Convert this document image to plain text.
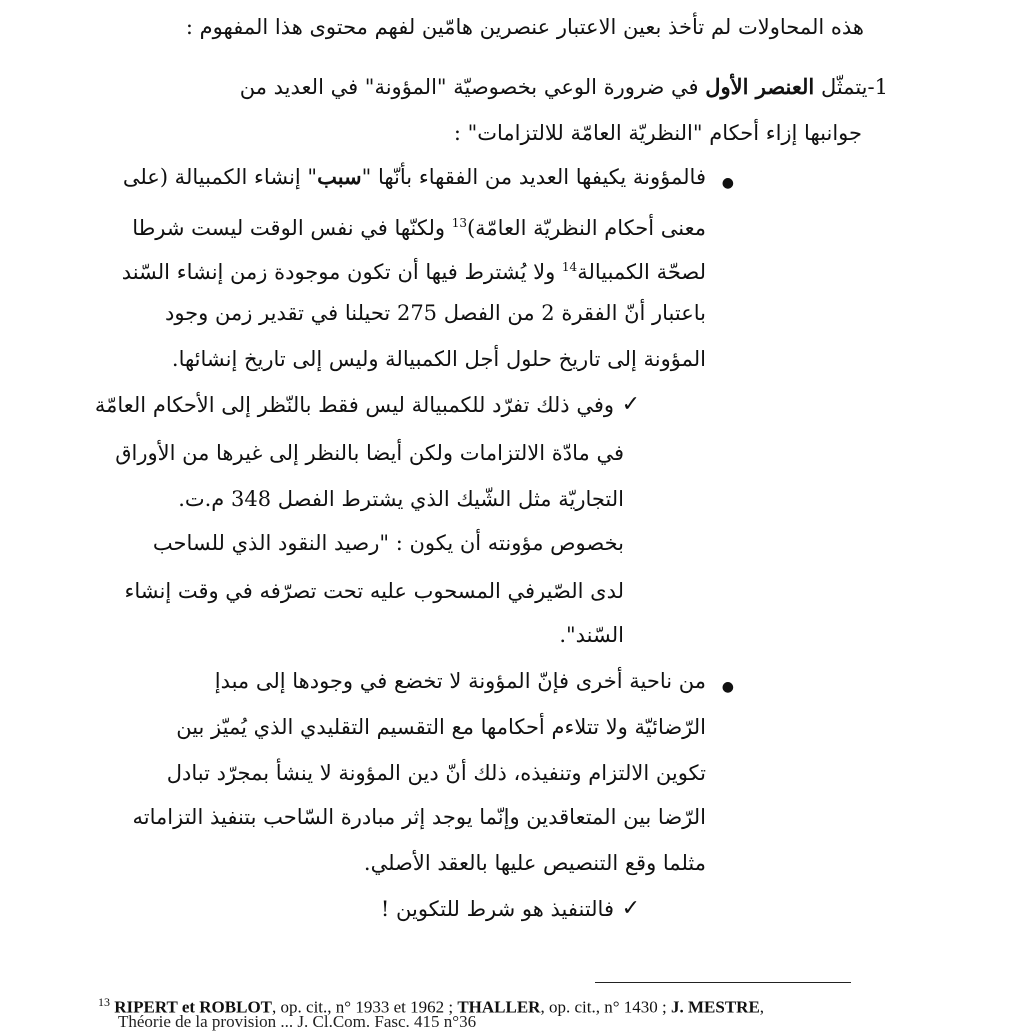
هذه المحاولات لم تأخذ بعين الاعتبار عنصرين هامّين لفهم محتوى هذا المفهوم :
1-يتمثّل العنصر الأول في ضرورة الوعي بخصوصيّة "المؤونة" في العديد من
جوانبها إزاء أحكام "النظريّة العامّة للالتزامات" :
●
فالمؤونة يكيفها العديد من الفقهاء بأنّها "سبب" إنشاء الكمبيالة (على
معنى أحكام النظريّة العامّة)$^{13}$ ولكنّها في نفس الوقت ليست شرطا
لصحّة الكمبيالة$^{14}$ ولا يُشترط فيها أن تكون موجودة زمن إنشاء السّند
باعتبار أنّ الفقرة 2 من الفصل 275 تحيلنا في تقدير زمن وجود
المؤونة إلى تاريخ حلول أجل الكمبيالة وليس إلى تاريخ إنشائها.
✓
وفي ذلك تفرّد للكمبيالة ليس فقط بالنّظر إلى الأحكام العامّة
في مادّة الالتزامات ولكن أيضا بالنظر إلى غيرها من الأوراق
التجاريّة مثل الشّيك الذي يشترط الفصل 348 م.ت.
بخصوص مؤونته أن يكون : "رصيد النقود الذي للساحب
لدى الصّيرفي المسحوب عليه تحت تصرّفه في وقت إنشاء
السّند".
●
من ناحية أخرى فإنّ المؤونة لا تخضع في وجودها إلى مبدإ
الرّضائيّة ولا تتلاءم أحكامها مع التقسيم التقليدي الذي يُميّز بين
تكوين الالتزام وتنفيذه، ذلك أنّ دين المؤونة لا ينشأ بمجرّد تبادل
الرّضا بين المتعاقدين وإنّما يوجد إثر مبادرة السّاحب بتنفيذ التزاماته
مثلما وقع التنصيص عليها بالعقد الأصلي.
✓
فالتنفيذ هو شرط للتكوين !
$^{13}$ RIPERT et ROBLOT, op. cit., n° 1933 et 1962 ; THALLER, op. cit., n° 1430 ; J. MESTRE,
Théorie de la provision ... J. Cl.Com. Fasc. 415 n°36
